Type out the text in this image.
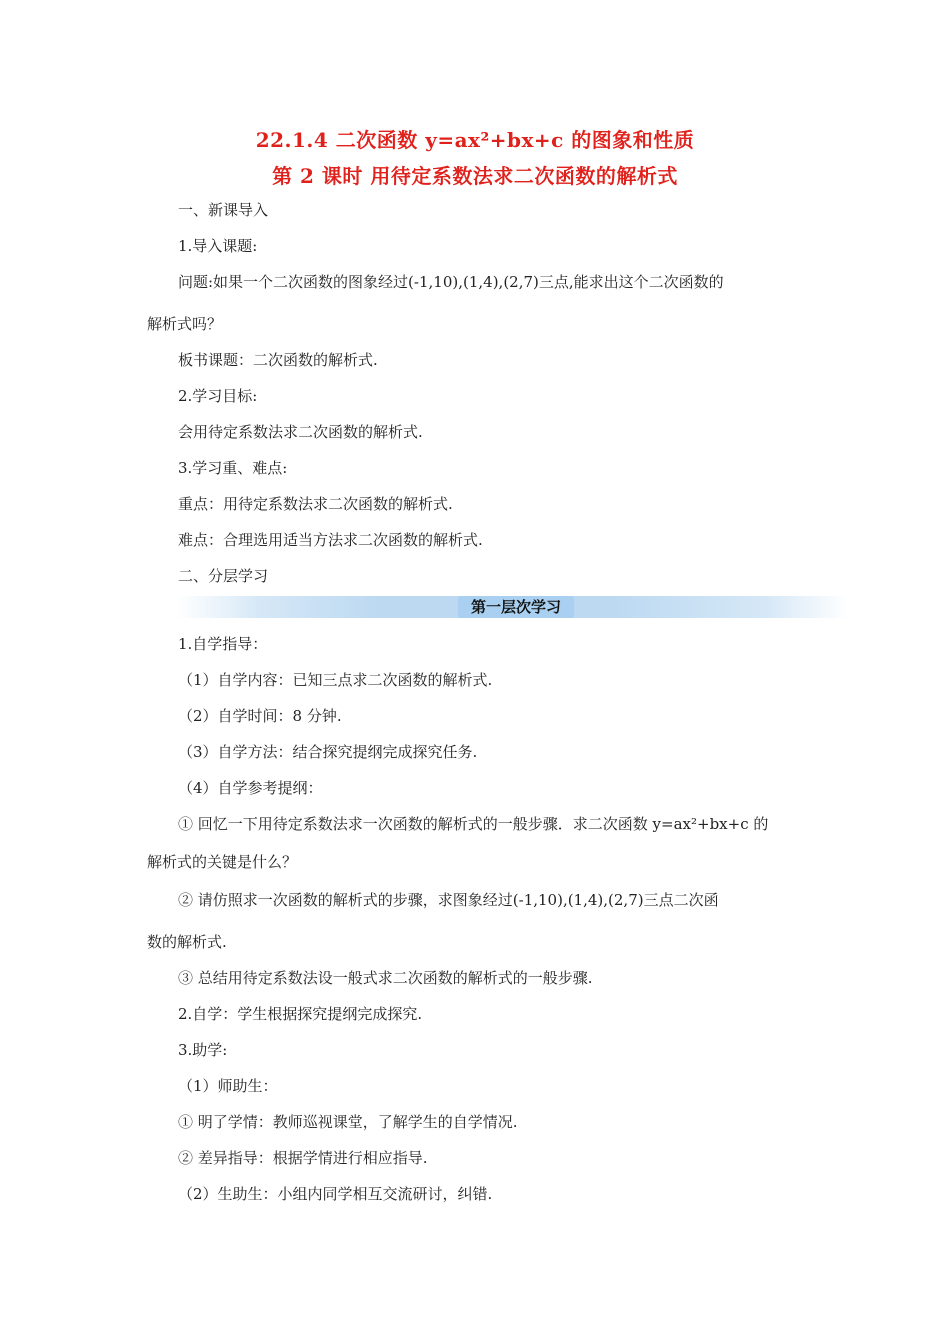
22.1.4 二次函数 y=ax²+bx+c 的图象和性质
第 2 课时 用待定系数法求二次函数的解析式
一、新课导入
1.导入课题:
问题:如果一个二次函数的图象经过(-1,10),(1,4),(2,7)三点,能求出这个二次函数的
解析式吗？
板书课题：二次函数的解析式.
2.学习目标:
会用待定系数法求二次函数的解析式.
3.学习重、难点:
重点：用待定系数法求二次函数的解析式.
难点：合理选用适当方法求二次函数的解析式.
二、分层学习
第一层次学习
1.自学指导：
（1）自学内容：已知三点求二次函数的解析式.
（2）自学时间：8 分钟.
（3）自学方法：结合探究提纲完成探究任务.
（4）自学参考提纲：
① 回忆一下用待定系数法求一次函数的解析式的一般步骤．求二次函数 y=ax²+bx+c 的
解析式的关键是什么？
② 请仿照求一次函数的解析式的步骤，求图象经过(-1,10),(1,4),(2,7)三点二次函
数的解析式.
③ 总结用待定系数法设一般式求二次函数的解析式的一般步骤.
2.自学：学生根据探究提纲完成探究.
3.助学:
（1）师助生：
① 明了学情：教师巡视课堂，了解学生的自学情况.
② 差异指导：根据学情进行相应指导.
（2）生助生：小组内同学相互交流研讨，纠错.
